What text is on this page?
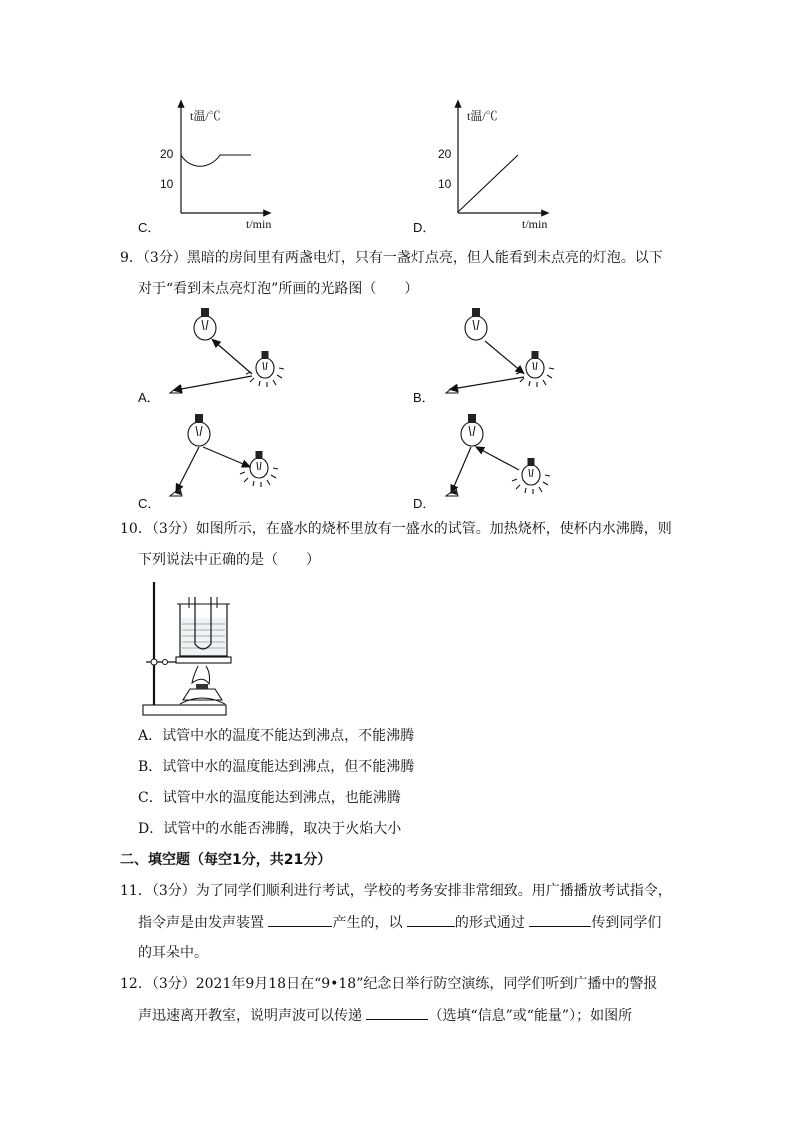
t温/℃
20
10
t/min
C．
t温/℃
20
10
t/min
D．
9．（3分）黑暗的房间里有两盏电灯，只有一盏灯点亮，但人能看到未点亮的灯泡。以下
对于“看到未点亮灯泡”所画的光路图（　　）
A．	B．
C．	D．
10．（3分）如图所示，在盛水的烧杯里放有一盛水的试管。加热烧杯，使杯内水沸腾，则
下列说法中正确的是（　　）
A．试管中水的温度不能达到沸点，不能沸腾
B．试管中水的温度能达到沸点，但不能沸腾
C．试管中水的温度能达到沸点，也能沸腾
D．试管中的水能否沸腾，取决于火焰大小
二、填空题（每空1分，共21分）
11．（3分）为了同学们顺利进行考试，学校的考务安排非常细致。用广播播放考试指令，
指令声是由发声装置	产生的，以	的形式通过	传到同学们
的耳朵中。
12．（3分）2021年9月18日在“9•18”纪念日举行防空演练，同学们听到广播中的警报
声迅速离开教室，说明声波可以传递	（选填“信息”或“能量”）；如图所
